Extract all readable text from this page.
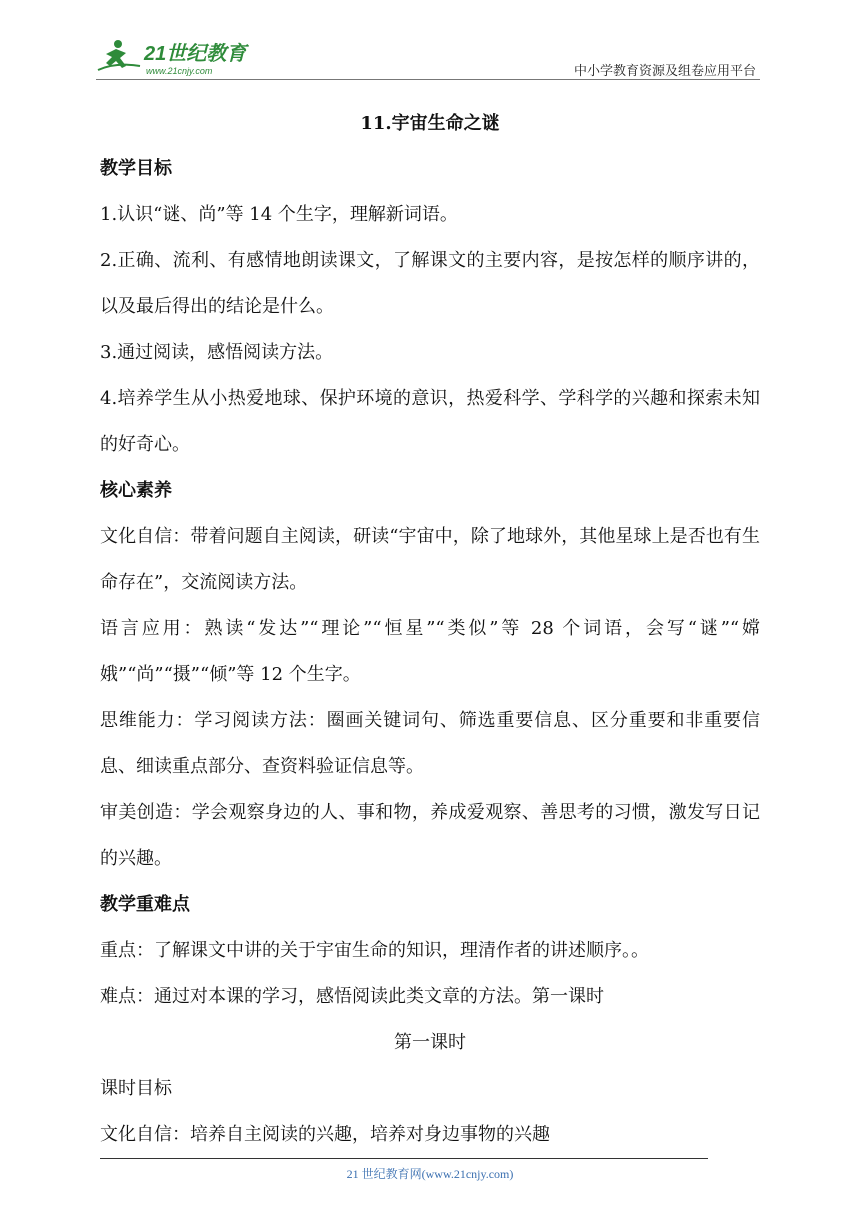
21世纪教育
www.21cnjy.com	中小学教育资源及组卷应用平台
11.宇宙生命之谜
教学目标

1.认识“谜、尚”等 14 个生字，理解新词语。

2.正确、流利、有感情地朗读课文，了解课文的主要内容，是按怎样的顺序讲的，以及最后得出的结论是什么。

3.通过阅读，感悟阅读方法。

4.培养学生从小热爱地球、保护环境的意识，热爱科学、学科学的兴趣和探索未知的好奇心。

核心素养

文化自信：带着问题自主阅读，研读“宇宙中，除了地球外，其他星球上是否也有生命存在”，交流阅读方法。

语言应用：熟读“发达”“理论”“恒星”“类似”等 28 个词语，会写“谜”“嫦娥”“尚”“摄”“倾”等 12 个生字。

思维能力：学习阅读方法：圈画关键词句、筛选重要信息、区分重要和非重要信息、细读重点部分、查资料验证信息等。

审美创造：学会观察身边的人、事和物，养成爱观察、善思考的习惯，激发写日记的兴趣。

教学重难点

重点：了解课文中讲的关于宇宙生命的知识，理清作者的讲述顺序。。

难点：通过对本课的学习，感悟阅读此类文章的方法。第一课时

第一课时

课时目标

文化自信：培养自主阅读的兴趣，培养对身边事物的兴趣

21 世纪教育网(www.21cnjy.com)
